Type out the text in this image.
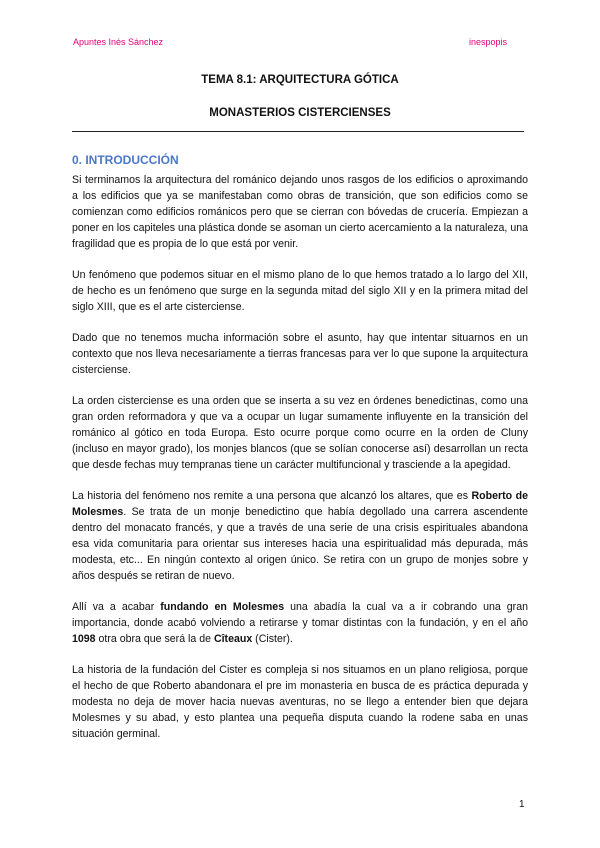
Apuntes Inés Sánchez	inespopis
TEMA 8.1: ARQUITECTURA GÓTICA
MONASTERIOS CISTERCIENSES
0. INTRODUCCIÓN

Si terminamos la arquitectura del románico dejando unos rasgos de los edificios o aproximando a los edificios que ya se manifestaban como obras de transición, que son edificios como se comienzan como edificios románicos pero que se cierran con bóvedas de crucería. Empiezan a poner en los capiteles una plástica donde se asoman un cierto acercamiento a la naturaleza, una fragilidad que es propia de lo que está por venir.

Un fenómeno que podemos situar en el mismo plano de lo que hemos tratado a lo largo del XII, de hecho es un fenómeno que surge en la segunda mitad del siglo XII y en la primera mitad del siglo XIII, que es el arte cisterciense.

Dado que no tenemos mucha información sobre el asunto, hay que intentar situarnos en un contexto que nos lleva necesariamente a tierras francesas para ver lo que supone la arquitectura cisterciense.

La orden cisterciense es una orden que se inserta a su vez en órdenes benedictinas, como una gran orden reformadora y que va a ocupar un lugar sumamente influyente en la transición del románico al gótico en toda Europa. Esto ocurre porque como ocurre en la orden de Cluny (incluso en mayor grado), los monjes blancos (que se solían conocerse así) desarrollan un recta que desde fechas muy tempranas tiene un carácter multifuncional y trasciende a la apegidad.

La historia del fenómeno nos remite a una persona que alcanzó los altares, que es Roberto de Molesmes. Se trata de un monje benedictino que había degollado una carrera ascendente dentro del monacato francés, y que a través de una serie de una crisis espirituales abandona esa vida comunitaria para orientar sus intereses hacia una espiritualidad más depurada, más modesta, etc... En ningún contexto al origen único. Se retira con un grupo de monjes sobre y años después se retiran de nuevo.

Allí va a acabar fundando en Molesmes una abadía la cual va a ir cobrando una gran importancia, donde acabó volviendo a retirarse y tomar distintas con la fundación, y en el año 1098 otra obra que será la de Cîteaux (Cister).

La historia de la fundación del Cister es compleja si nos situamos en un plano religiosa, porque el hecho de que Roberto abandonara el pre im monasteria en busca de es práctica depurada y modesta no deja de mover hacia nuevas aventuras, no se llego a entender bien que dejara Molesmes y su abad, y esto plantea una pequeña disputa cuando la rodene saba en unas situación germinal.

1
